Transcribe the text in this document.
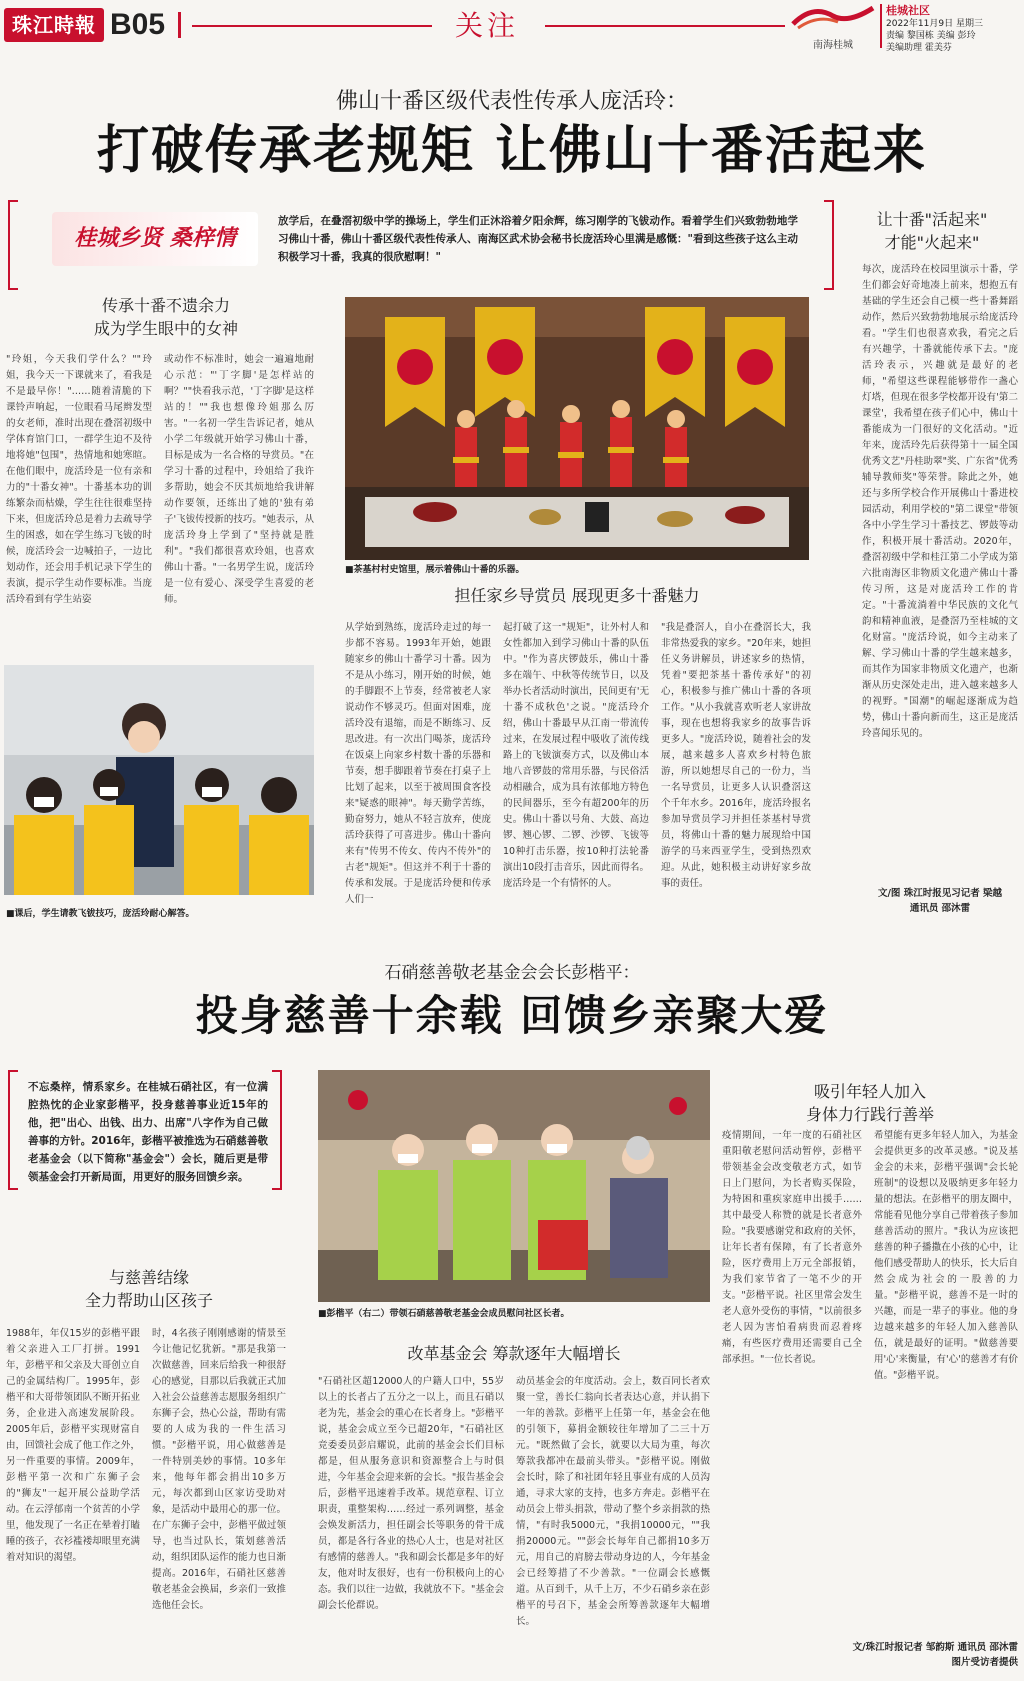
珠江時報 B05	关注
南海桂城
桂城社区
2022年11月9日 星期三
责编 黎国栋 美编 彭玲
美编助理 霍美芬
佛山十番区级代表性传承人庞活玲：
打破传承老规矩 让佛山十番活起来
桂城乡贤 桑梓情
放学后，在叠滘初级中学的操场上，学生们正沐浴着夕阳余辉，练习刚学的飞钹动作。看着学生们兴致勃勃地学习佛山十番，佛山十番区级代表性传承人、南海区武术协会秘书长庞活玲心里满是感慨："看到这些孩子这么主动积极学习十番，我真的很欣慰啊！"
让十番"活起来"
才能"火起来"
传承十番不遗余力
成为学生眼中的女神
"玲姐，今天我们学什么？""玲姐，我今天一下课就来了，看我是不是最早你！"……随着清脆的下课铃声响起，一位眼看马尾辫发型的女老师，准时出现在叠滘初级中学体育馆门口，一群学生迫不及待地将她"包围"，热情地和她寒暄。在他们眼中，庞活玲是一位有亲和力的"十番女神"。十番基本功的训练繁杂而枯燥，学生往往很难坚持下来，但庞活玲总是着力去疏导学生的困惑，如在学生练习飞钹的时候，庞活玲会一边喊拍子，一边比划动作，还会用手机记录下学生的表演，提示学生动作要标准。当庞活玲看到有学生站姿
或动作不标准时，她会一遍遍地耐心示范："'丁字脚'是怎样站的啊？""快看我示范，'丁字脚'是这样站的！""我也想像玲姐那么厉害。"一名初一学生告诉记者，她从小学二年级就开始学习佛山十番，目标是成为一名合格的导赏员。"在学习十番的过程中，玲姐给了我许多帮助，她会不厌其烦地给我讲解动作要领，还练出了她的'独有弟子'飞钹传授新的技巧。"她表示，从庞活玲身上学到了"坚持就是胜利"。"我们都很喜欢玲姐，也喜欢佛山十番。"一名男学生说，庞活玲是一位有爱心、深受学生喜爱的老师。
■茶基村村史馆里，展示着佛山十番的乐器。
每次，庞活玲在校园里演示十番，学生们都会好奇地凑上前来，想抱五有基础的学生还会自己模一些十番舞蹈动作，然后兴致勃勃地展示给庞活玲看。"学生们也很喜欢我，看完之后有兴趣学，十番就能传承下去。"庞活玲表示，兴趣就是最好的老师，"希望这些课程能够带作一盏心灯塔，但现在很多学校都开设有'第二课堂'，我希望在孩子们心中，佛山十番能成为一门很好的文化活动。"近年来，庞活玲先后获得第十一届全国优秀文艺"丹桂助翠"奖、广东省"优秀辅导教师奖"等荣誉。除此之外，她还与多所学校合作开展佛山十番进校园活动，利用学校的"第二课堂"带领各中小学生学习十番技艺、锣鼓等动作，积极开展十番活动。2020年，叠滘初级中学和桂江第二小学成为第六批南海区非物质文化遗产佛山十番传习所，这是对庞活玲工作的肯定。"十番流淌着中华民族的文化气韵和精神血液，是叠滘乃至桂城的文化财富。"庞活玲说，如今主动来了解、学习佛山十番的学生越来越多，而其作为国家非物质文化遗产，也渐渐从历史深处走出，进入越来越多人的视野。"国潮"的崛起逐渐成为趋势，佛山十番向新而生，这正是庞活玲喜闻乐见的。
担任家乡导赏员 展现更多十番魅力
■课后，学生请教飞钹技巧，庞活玲耐心解答。
从学始到熟练，庞活玲走过的每一步都不容易。1993年开始，她跟随家乡的佛山十番学习十番。因为不是从小练习，刚开始的时候，她的手脚跟不上节奏，经常被老人家说动作不够灵巧。但面对困难，庞活玲没有退缩，而是不断练习、反思改进。有一次出门喝茶，庞活玲在饭桌上向家乡村数十番的乐器和节奏，想手脚跟着节奏在打桌子上比划了起来，以至于被周围食客投来"疑惑的眼神"。每天勤学苦练，勤奋努力，她从不轻言放弃，使庞活玲获得了可喜进步。佛山十番向来有"传男不传女、传内不传外"的古老"规矩"。但这并不利于十番的传承和发展。于是庞活玲便和传承人们一
起打破了这一"规矩"，让外村人和女性都加入到学习佛山十番的队伍中。"作为喜庆锣鼓乐，佛山十番多在端午、中秋等传统节日，以及举办长者活动时演出，民间更有'无十番不成秋色'之说。"庞活玲介绍，佛山十番最早从江南一带流传过来，在发展过程中吸收了流传线路上的飞钹演奏方式，以及佛山本地八音锣鼓的常用乐器，与民俗活动相融合，成为具有浓郁地方特色的民间器乐，至今有超200年的历史。佛山十番以号角、大鼓、高边锣、翘心锣、二锣、沙锣、飞钹等10种打击乐器，按10种打法轮番演出10段打击音乐，因此而得名。庞活玲是一个有情怀的人。
"我是叠滘人，自小在叠滘长大，我非常热爱我的家乡。"20年来，她担任义务讲解员，讲述家乡的热情，凭着"要把茶基十番传承好"的初心，积极参与推广佛山十番的各项工作。"从小我就喜欢听老人家讲故事，现在也想将我家乡的故事告诉更多人。"庞活玲说，随着社会的发展，越来越多人喜欢乡村特色旅游，所以她想尽自己的一份力，当一名导赏员，让更多人认识叠滘这个千年水乡。2016年，庞活玲报名参加导赏员学习并担任茶基村导赏员，将佛山十番的魅力展现给中国游学的马来西亚学生，受到热烈欢迎。从此，她积极主动讲好家乡故事的责任。
文/图 珠江时报见习记者 梁越
通讯员 邵沐雷
石硝慈善敬老基金会会长彭楷平：
投身慈善十余载 回馈乡亲聚大爱
不忘桑梓，情系家乡。在桂城石硝社区，有一位满腔热忱的企业家彭楷平，投身慈善事业近15年的他，把"出心、出钱、出力、出席"八字作为自己做善事的方针。2016年，彭楷平被推选为石硝慈善敬老基金会（以下简称"基金会"）会长，随后更是带领基金会打开新局面，用更好的服务回馈乡亲。
■彭楷平（右二）带领石硝慈善敬老基金会成员慰问社区长者。
吸引年轻人加入
身体力行践行善举
与慈善结缘
全力帮助山区孩子
改革基金会 筹款逐年大幅增长
1988年，年仅15岁的彭楷平跟着父亲进入工厂打拼。1991年，彭楷平和父亲及大哥创立自己的金属结构厂。1995年，彭楷平和大哥带领团队不断开拓业务，企业进入高速发展阶段。2005年后，彭楷平实现财富自由，回馈社会成了他工作之外，另一件重要的事情。2009年，彭楷平第一次和广东狮子会的"狮友"一起开展公益助学活动。在云浮郁南一个贫苦的小学里，他发现了一名正在晕着打瞌睡的孩子，衣衫褴褛却眼里充满着对知识的渴望。
时，4名孩子刚刚感谢的情景至今让他记忆犹新。"那是我第一次做慈善，回来后给我一种很舒心的感觉，目那以后我就正式加入社会公益慈善志愿服务组织广东狮子会，热心公益，帮助有需要的人成为我的一件生活习惯。"彭楷平说，用心做慈善是一件特别美妙的事情。10多年来，他每年都会捐出10多万元，每次都到山区家访受助对象，是活动中最用心的那一位。在广东狮子会中，彭楷平做过领导，也当过队长，策划慈善活动，组织团队运作的能力也日渐提高。2016年，石硝社区慈善敬老基金会换届，乡亲们一致推选他任会长。
"石硝社区超12000人的户籍人口中，55岁以上的长者占了五分之一以上，而且石硝以老为先，基金会的重心在长者身上。"彭楷平说，基金会成立至今已超20年，"石硝社区竞委委员彭启耀说，此前的基金会长们目标都是，但从服务意识和资源整合上与时俱进，今年基金会迎来新的会长。"报告基金会后，彭楷平迅速着手改革。规范章程、订立职责，重整架构……经过一系列调整，基金会焕发新活力，担任副会长等职务的骨干成员，都是各行各业的热心人士，也是对社区有感情的慈善人。"我和副会长都是多年的好友，他对时友很好，也有一份积极向上的心态。我们以往一边做，我就放不下。"基金会副会长伦群说。
动员基金会的年度活动。会上，数百同长者欢聚一堂，善长仁翁向长者表达心意，并认捐下一年的善款。彭楷平上任第一年，基金会在他的引领下，募捐金额较往年增加了二三十万元。"既然做了会长，就要以大局为重，每次筹款我都冲在最前头带头。"彭楷平说。刚做会长时，除了和社团年轻且事业有成的人员沟通，寻求大家的支持，也多方奔走。彭楷平在动员会上带头捐款，带动了整个乡亲捐款的热情，"有时我5000元，"我捐10000元，""我捐20000元。""彭会长每年自己都捐10多万元，用自己的肩膀去带动身边的人，今年基金会已经筹措了不少善款。"一位副会长感慨道。从百到千，从千上万，不少石硝乡亲在彭楷平的号召下，基金会所筹善款逐年大幅增长。
疫情期间，一年一度的石硝社区重阳敬老慰问活动暂停，彭楷平带领基金会改变敬老方式，如节日上门慰问，为长者购买保险，为特困和重疾家庭申出援手……其中最受人称赞的就是长者意外险。"我要感谢党和政府的关怀，让年长者有保障，有了长者意外险，医疗费用上万元全部报销，为我们家节省了一笔不少的开支。"彭楷平说。社区里常会发生老人意外受伤的事情，"以前很多老人因为害怕看病贵而忍着疼痛，有些医疗费用还需要自己全部承担。"一位长者说。
希望能有更多年轻人加入，为基金会提供更多的改革灵感。"说及基金会的未来，彭楷平强调"会长轮班制"的设想以及吸纳更多年轻力量的想法。在彭楷平的朋友圈中，常能看见他分享自己带着孩子参加慈善活动的照片。"我认为应该把慈善的种子播撒在小孩的心中，让他们感受帮助人的快乐，长大后自然会成为社会的一股善的力量。"彭楷平说，慈善不是一时的兴趣，而是一辈子的事业。他的身边越来越多的年轻人加入慈善队伍，就是最好的证明。"做慈善要用'心'来衡量，有'心'的慈善才有价值。"彭楷平说。
文/珠江时报记者 邹韵斯 通讯员 邵沐雷
图片受访者提供
